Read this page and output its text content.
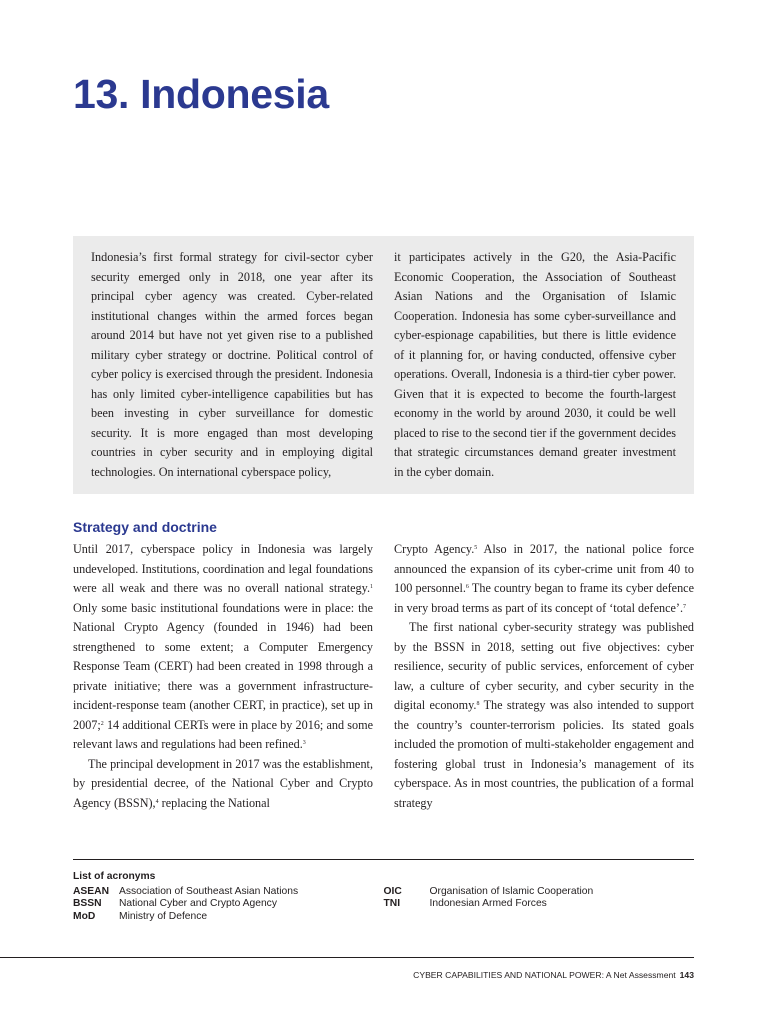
13. Indonesia

Indonesia’s first formal strategy for civil-sector cyber security emerged only in 2018, one year after its principal cyber agency was created. Cyber-related institutional changes within the armed forces began around 2014 but have not yet given rise to a published military cyber strategy or doctrine. Political control of cyber policy is exercised through the president. Indonesia has only limited cyber-intelligence capabilities but has been investing in cyber surveillance for domestic security. It is more engaged than most developing countries in cyber security and in employing digital technologies. On international cyberspace policy,

it participates actively in the G20, the Asia-Pacific Economic Cooperation, the Association of Southeast Asian Nations and the Organisation of Islamic Cooperation. Indonesia has some cyber-surveillance and cyber-espionage capabilities, but there is little evidence of it planning for, or having conducted, offensive cyber operations. Overall, Indonesia is a third-tier cyber power. Given that it is expected to become the fourth-largest economy in the world by around 2030, it could be well placed to rise to the second tier if the government decides that strategic circumstances demand greater investment in the cyber domain.

Strategy and doctrine

Until 2017, cyberspace policy in Indonesia was largely undeveloped. Institutions, coordination and legal foundations were all weak and there was no overall national strategy.$^1$ Only some basic institutional foundations were in place: the National Crypto Agency (founded in 1946) had been strengthened to some extent; a Computer Emergency Response Team (CERT) had been created in 1998 through a private initiative; there was a government infrastructure-incident-response team (another CERT, in practice), set up in 2007;$^2$ 14 additional CERTs were in place by 2016; and some relevant laws and regulations had been refined.$^3$

The principal development in 2017 was the establishment, by presidential decree, of the National Cyber and Crypto Agency (BSSN),$^4$ replacing the National

Crypto Agency.$^5$ Also in 2017, the national police force announced the expansion of its cyber-crime unit from 40 to 100 personnel.$^6$ The country began to frame its cyber defence in very broad terms as part of its concept of ‘total defence’.$^7$

The first national cyber-security strategy was published by the BSSN in 2018, setting out five objectives: cyber resilience, security of public services, enforcement of cyber law, a culture of cyber security, and cyber security in the digital economy.$^8$ The strategy was also intended to support the country’s counter-terrorism policies. Its stated goals included the promotion of multi-stakeholder engagement and fostering global trust in Indonesia’s management of its cyberspace. As in most countries, the publication of a formal strategy

List of acronyms
ASEAN Association of Southeast Asian Nations
BSSN	National Cyber and Crypto Agency
MoD	Ministry of Defence
OIC	Organisation of Islamic Cooperation
TNI	Indonesian Armed Forces
CYBER CAPABILITIES AND NATIONAL POWER: A Net Assessment 143
